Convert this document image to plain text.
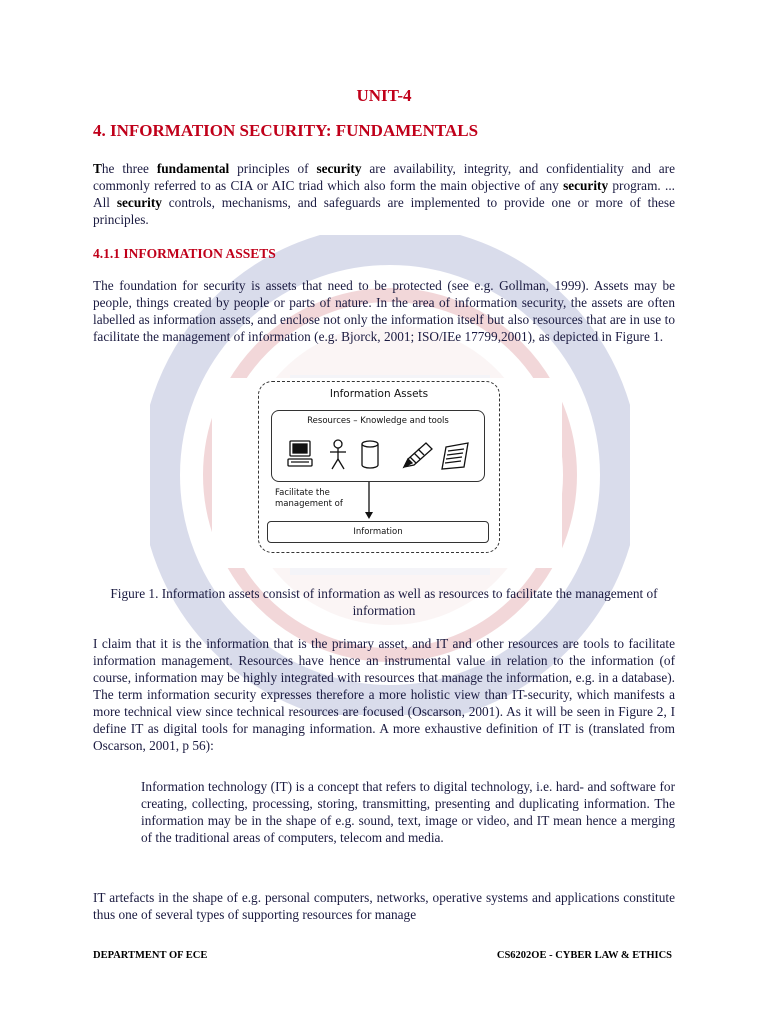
UNIT-4
4. INFORMATION SECURITY: FUNDAMENTALS

The three fundamental principles of security are availability, integrity, and confidentiality and are commonly referred to as CIA or AIC triad which also form the main objective of any security program. ... All security controls, mechanisms, and safeguards are implemented to provide one or more of these principles.

4.1.1 INFORMATION ASSETS

The foundation for security is assets that need to be protected (see e.g. Gollman, 1999). Assets may be people, things created by people or parts of nature. In the area of information security, the assets are often labelled as information assets, and enclose not only the information itself but also resources that are in use to facilitate the management of information (e.g. Bjorck, 2001; ISO/IEe 17799,2001), as depicted in Figure 1.

Information Assets
Resources – Knowledge and tools
Facilitate the management of
Information
Figure 1. Information assets consist of information as well as resources to facilitate the management of information

I claim that it is the information that is the primary asset, and IT and other resources are tools to facilitate information management. Resources have hence an instrumental value in relation to the information (of course, information may be highly integrated with resources that manage the information, e.g. in a database). The term information security expresses therefore a more holistic view than IT-security, which manifests a more technical view since technical resources are focused (Oscarson, 2001). As it will be seen in Figure 2, I define IT as digital tools for managing information. A more exhaustive definition of IT is (translated from Oscarson, 2001, p 56):

Information technology (IT) is a concept that refers to digital technology, i.e. hard- and software for creating, collecting, processing, storing, transmitting, presenting and duplicating information. The information may be in the shape of e.g. sound, text, image or video, and IT mean hence a merging of the traditional areas of computers, telecom and media.

IT artefacts in the shape of e.g. personal computers, networks, operative systems and applications constitute thus one of several types of supporting resources for manage

DEPARTMENT OF ECE	CS6202OE - CYBER LAW & ETHICS
